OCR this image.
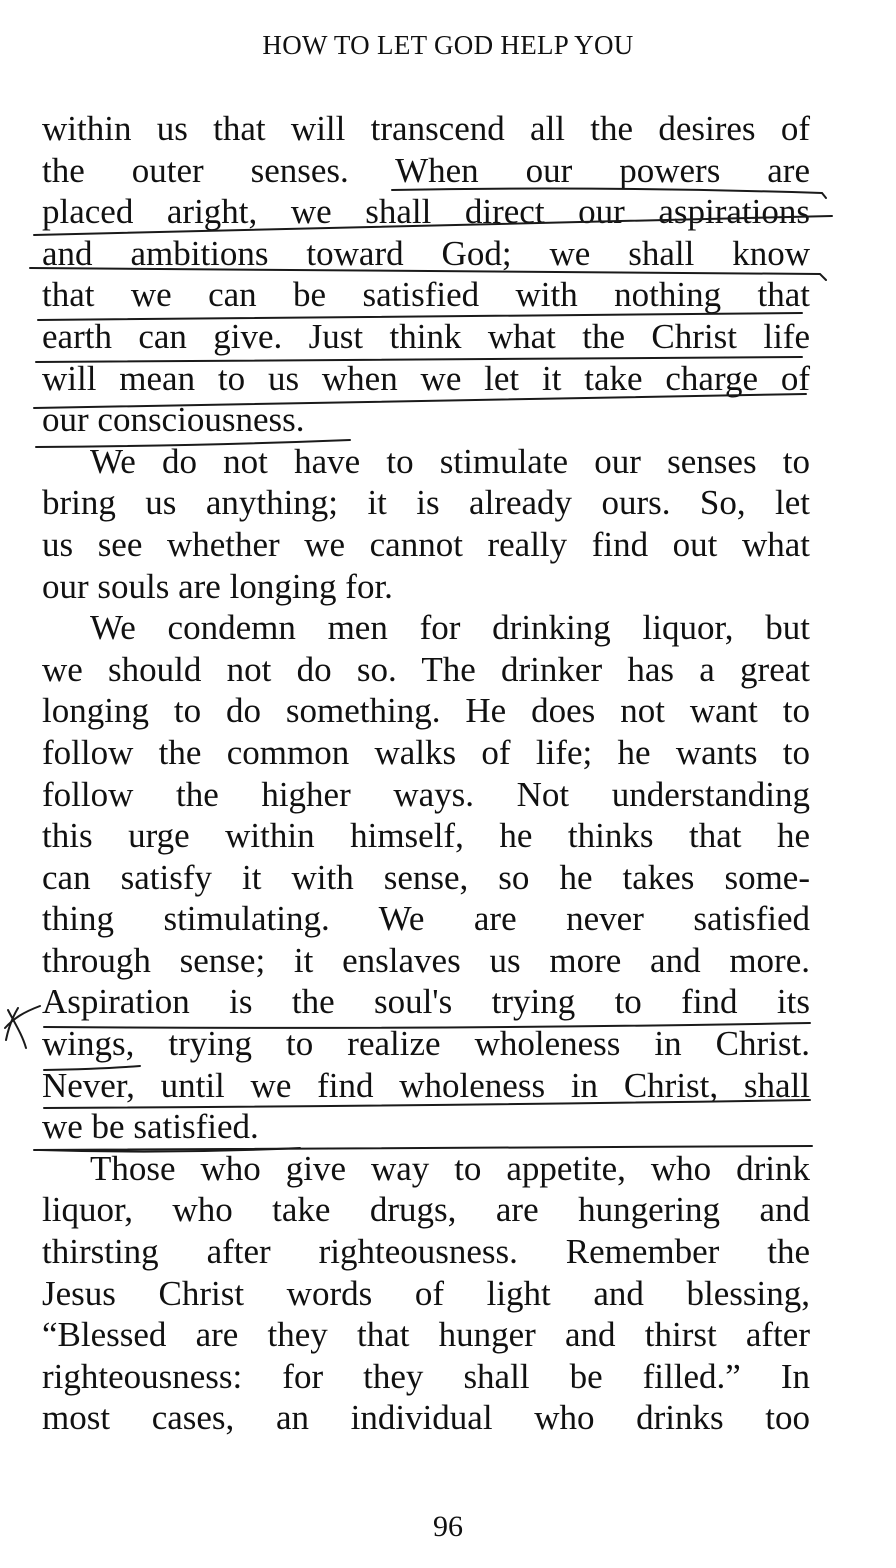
HOW TO LET GOD HELP YOU
within us that will transcend all the desires of
the outer senses. When our powers are
placed aright, we shall direct our aspirations
and ambitions toward God; we shall know
that we can be satisfied with nothing that
earth can give. Just think what the Christ life
will mean to us when we let it take charge of
our consciousness.
We do not have to stimulate our senses to
bring us anything; it is already ours. So, let
us see whether we cannot really find out what
our souls are longing for.
We condemn men for drinking liquor, but
we should not do so. The drinker has a great
longing to do something. He does not want to
follow the common walks of life; he wants to
follow the higher ways. Not understanding
this urge within himself, he thinks that he
can satisfy it with sense, so he takes some-
thing stimulating. We are never satisfied
through sense; it enslaves us more and more.
Aspiration is the soul's trying to find its
wings, trying to realize wholeness in Christ.
Never, until we find wholeness in Christ, shall
we be satisfied.
Those who give way to appetite, who drink
liquor, who take drugs, are hungering and
thirsting after righteousness. Remember the
Jesus Christ words of light and blessing,
“Blessed are they that hunger and thirst after
righteousness: for they shall be filled.” In
most cases, an individual who drinks too
96
